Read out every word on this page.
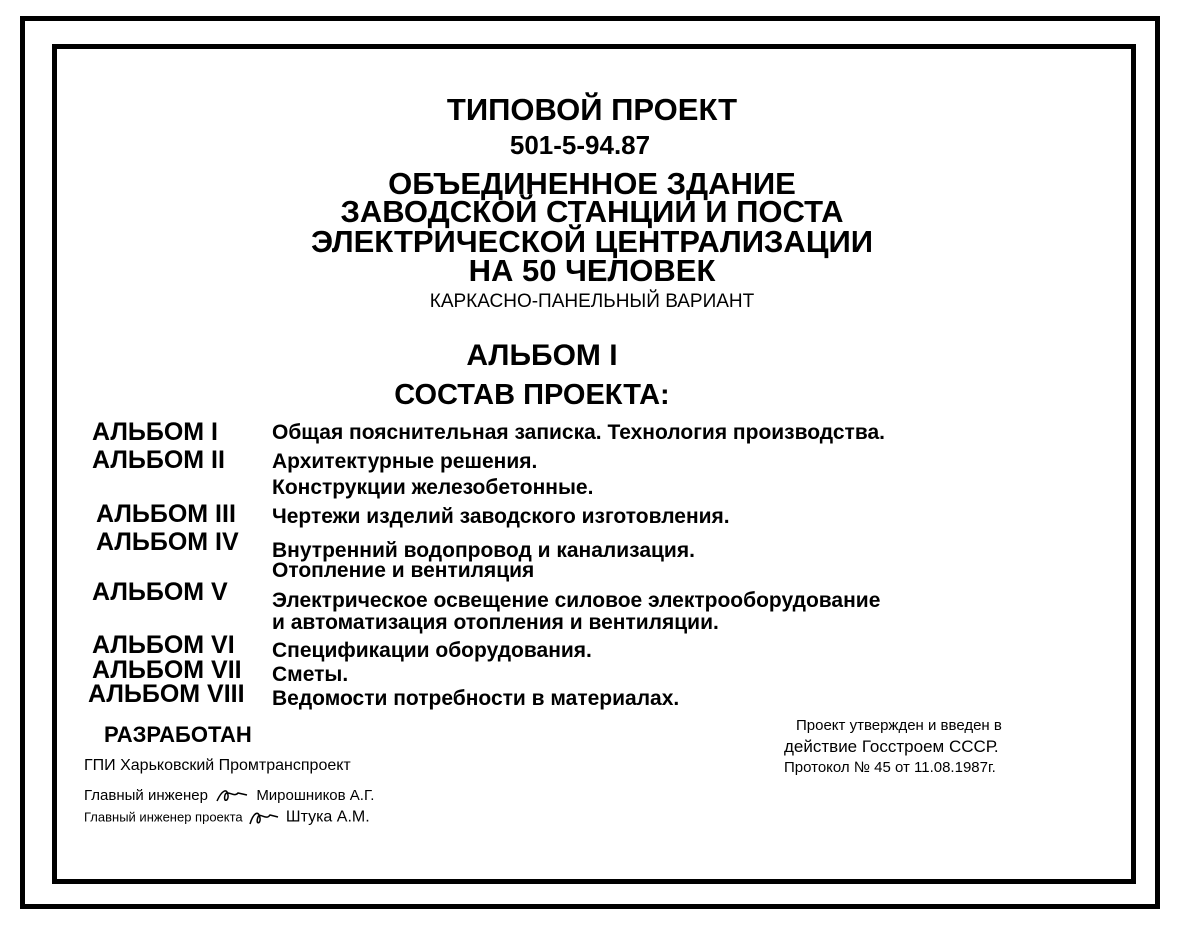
ТИПОВОЙ ПРОЕКТ
501-5-94.87
ОБЪЕДИНЕННОЕ ЗДАНИЕ
ЗАВОДСКОЙ СТАНЦИИ И ПОСТА
ЭЛЕКТРИЧЕСКОЙ ЦЕНТРАЛИЗАЦИИ
НА 50 ЧЕЛОВЕК
КАРКАСНО-ПАНЕЛЬНЫЙ ВАРИАНТ
АЛЬБОМ I
СОСТАВ ПРОЕКТА:
АЛЬБОМ I	Общая пояснительная записка. Технология производства.
АЛЬБОМ II Архитектурные решения.
Конструкции железобетонные.
АЛЬБОМ III Чертежи изделий заводского изготовления.
АЛЬБОМ IV Внутренний водопровод и канализация.
Отопление и вентиляция
АЛЬБОМ V Электрическое освещение силовое электрооборудование
и автоматизация отопления и вентиляции.
АЛЬБОМ VI Спецификации оборудования.
АЛЬБОМ VII Сметы.
АЛЬБОМ VIII Ведомости потребности в материалах.
РАЗРАБОТАН
ГПИ Харьковский Промтранспроект
Главный инженер	Мирошников А.Г.
Главный инженер проекта	Штука А.М.
Проект утвержден и введен в
действие Госстроем СССР.
Протокол № 45 от 11.08.1987г.
